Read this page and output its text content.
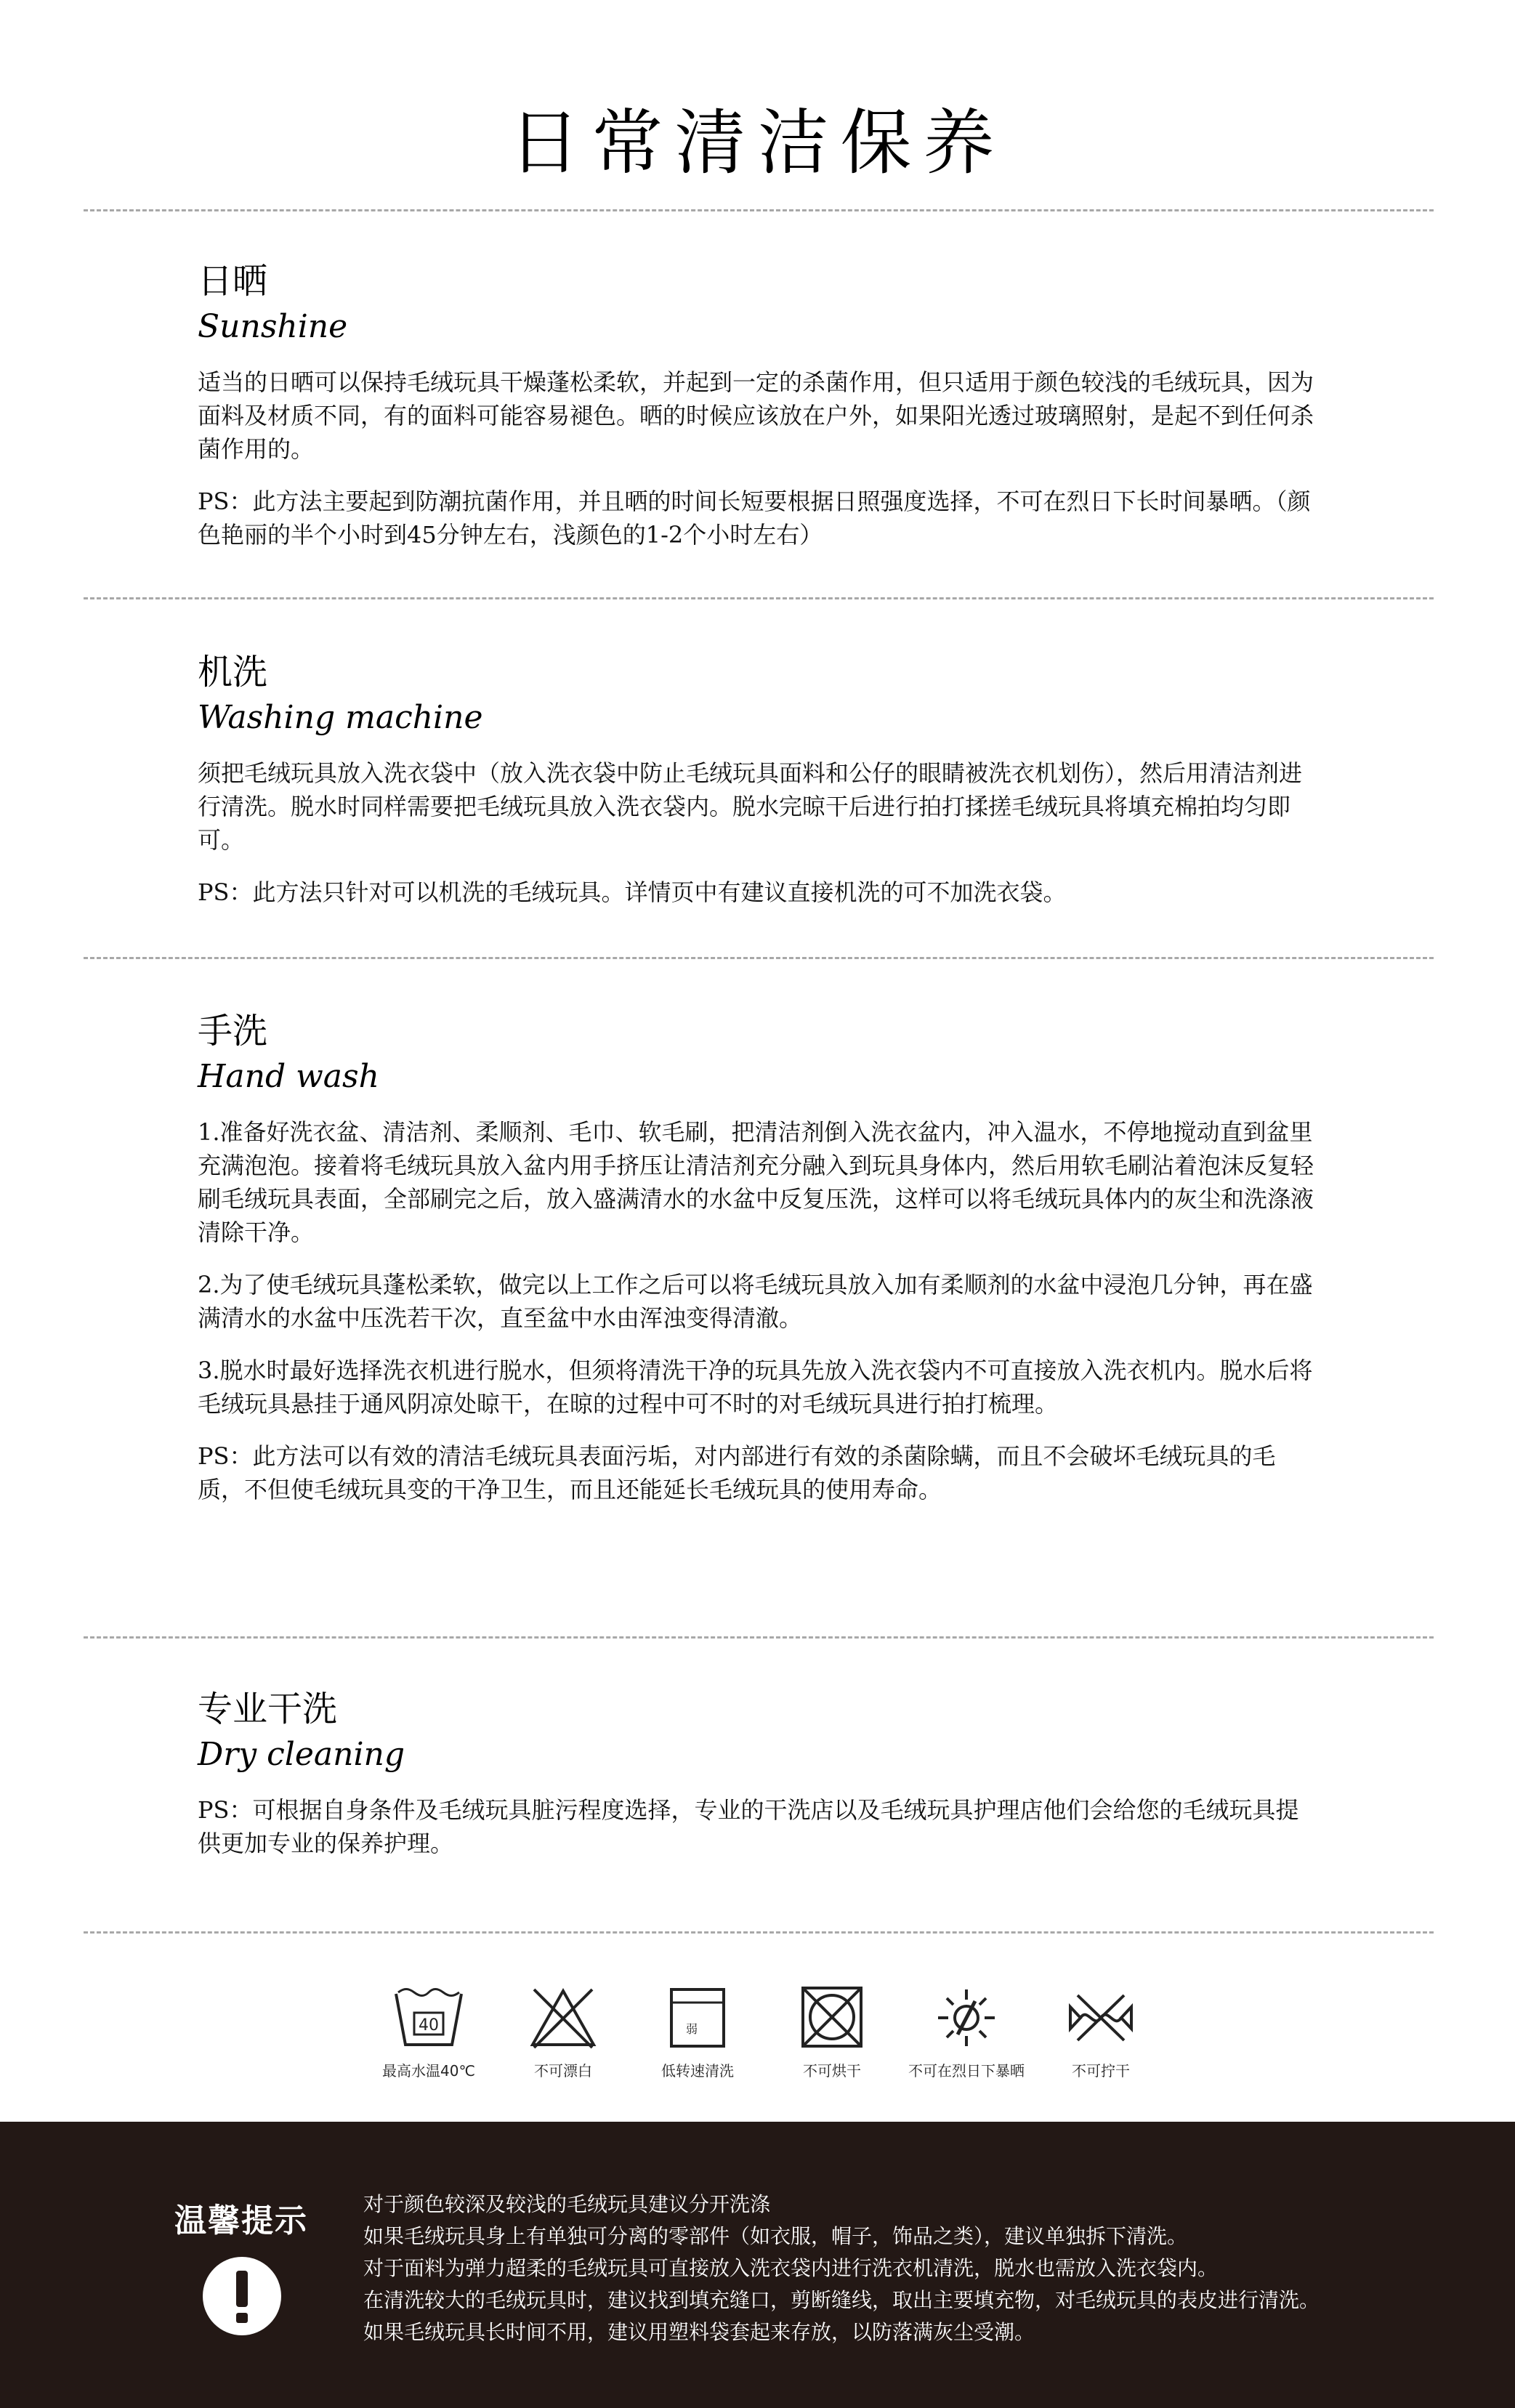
日常清洁保养
日晒
Sunshine
适当的日晒可以保持毛绒玩具干燥蓬松柔软，并起到一定的杀菌作用，但只适用于颜色较浅的毛绒玩具，因为面料及材质不同，有的面料可能容易褪色。晒的时候应该放在户外，如果阳光透过玻璃照射，是起不到任何杀菌作用的。
PS：此方法主要起到防潮抗菌作用，并且晒的时间长短要根据日照强度选择，不可在烈日下长时间暴晒。（颜色艳丽的半个小时到45分钟左右，浅颜色的1-2个小时左右）
机洗
Washing machine
须把毛绒玩具放入洗衣袋中（放入洗衣袋中防止毛绒玩具面料和公仔的眼睛被洗衣机划伤），然后用清洁剂进行清洗。脱水时同样需要把毛绒玩具放入洗衣袋内。脱水完晾干后进行拍打揉搓毛绒玩具将填充棉拍均匀即可。
PS：此方法只针对可以机洗的毛绒玩具。详情页中有建议直接机洗的可不加洗衣袋。
手洗
Hand wash
1.准备好洗衣盆、清洁剂、柔顺剂、毛巾、软毛刷，把清洁剂倒入洗衣盆内，冲入温水，不停地搅动直到盆里充满泡泡。接着将毛绒玩具放入盆内用手挤压让清洁剂充分融入到玩具身体内，然后用软毛刷沾着泡沫反复轻刷毛绒玩具表面，全部刷完之后，放入盛满清水的水盆中反复压洗，这样可以将毛绒玩具体内的灰尘和洗涤液清除干净。
2.为了使毛绒玩具蓬松柔软，做完以上工作之后可以将毛绒玩具放入加有柔顺剂的水盆中浸泡几分钟，再在盛满清水的水盆中压洗若干次，直至盆中水由浑浊变得清澈。
3.脱水时最好选择洗衣机进行脱水，但须将清洗干净的玩具先放入洗衣袋内不可直接放入洗衣机内。脱水后将毛绒玩具悬挂于通风阴凉处晾干，在晾的过程中可不时的对毛绒玩具进行拍打梳理。
PS：此方法可以有效的清洁毛绒玩具表面污垢，对内部进行有效的杀菌除螨，而且不会破坏毛绒玩具的毛质，不但使毛绒玩具变的干净卫生，而且还能延长毛绒玩具的使用寿命。
专业干洗
Dry cleaning
PS：可根据自身条件及毛绒玩具脏污程度选择，专业的干洗店以及毛绒玩具护理店他们会给您的毛绒玩具提供更加专业的保养护理。
40
最高水温40℃	不可漂白
弱
低转速清洗	不可烘干	不可在烈日下暴晒	不可拧干
温馨提示	对于颜色较深及较浅的毛绒玩具建议分开洗涤
如果毛绒玩具身上有单独可分离的零部件（如衣服，帽子，饰品之类），建议单独拆下清洗。
对于面料为弹力超柔的毛绒玩具可直接放入洗衣袋内进行洗衣机清洗，脱水也需放入洗衣袋内。
在清洗较大的毛绒玩具时，建议找到填充缝口，剪断缝线，取出主要填充物，对毛绒玩具的表皮进行清洗。
如果毛绒玩具长时间不用，建议用塑料袋套起来存放，以防落满灰尘受潮。
